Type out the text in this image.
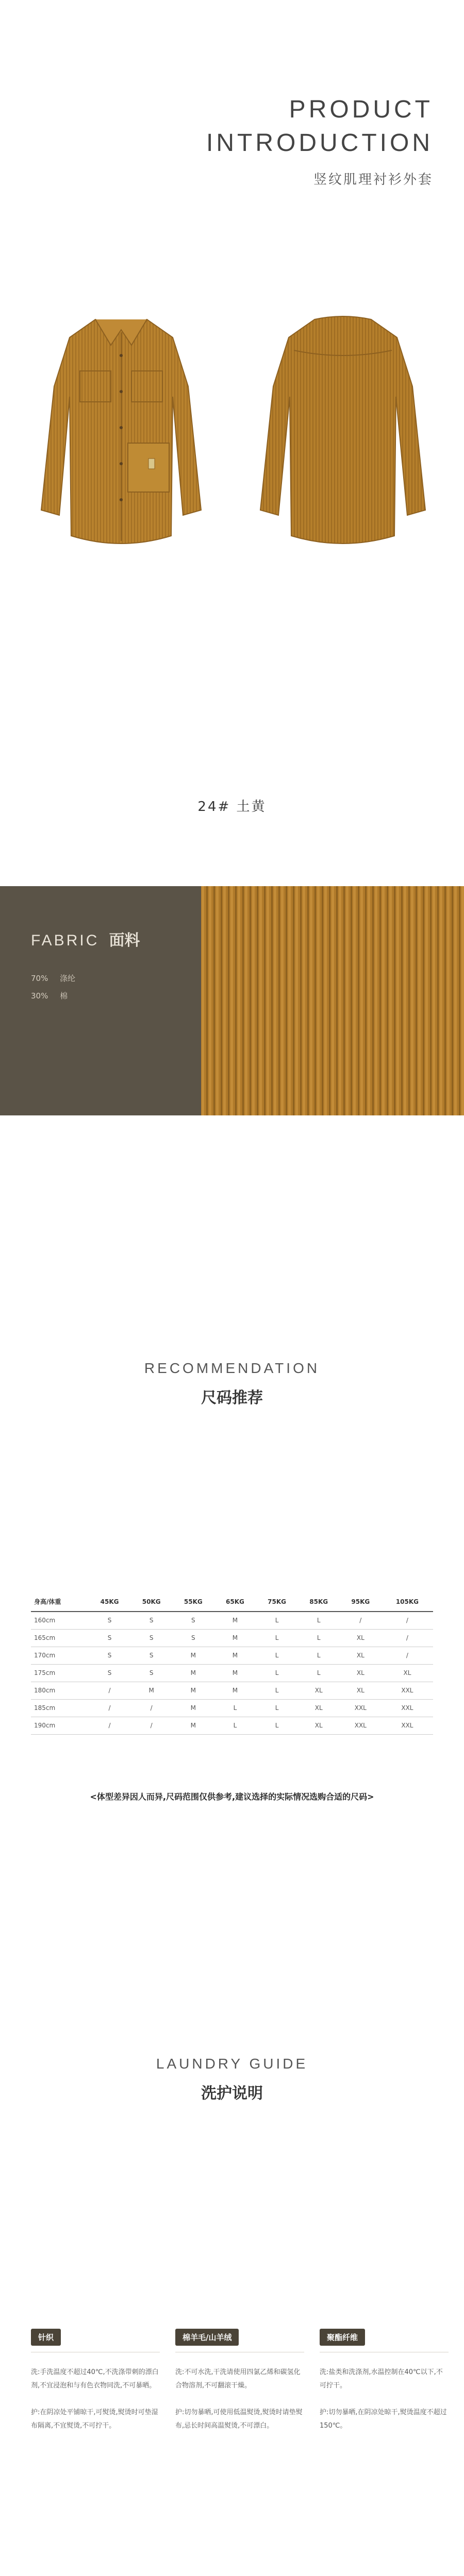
PRODUCT
INTRODUCTION
竖纹肌理衬衫外套
24# 土黄
FABRIC 面料
70% 涤纶
30% 棉
RECOMMENDATION
尺码推荐
身高/体重	45KG	50KG	55KG	65KG	75KG	85KG	95KG	105KG
160cm	S	S	S	M	L	L	/	/
165cm	S	S	S	M	L	L	XL	/
170cm	S	S	M	M	L	L	XL	/
175cm	S	S	M	M	L	L	XL	XL
180cm	/	M	M	M	L	XL	XL	XXL
185cm	/	/	M	L	L	XL	XXL	XXL
190cm	/	/	M	L	L	XL	XXL	XXL
<体型差异因人而异,尺码范围仅供参考,建议选择的实际情况选购合适的尺码>
LAUNDRY GUIDE
洗护说明
针织

洗:手洗温度不超过40℃,不洗涤带刺的漂白剂,不宜浸泡和与有色衣物同洗,不可暴晒。

护:在阴凉处平铺晾干,可熨烫,熨烫时可垫湿布隔离,不宜熨烫,不可拧干。

棉羊毛/山羊绒

洗:不可水洗,干洗请使用四氯乙烯和碳氢化合物溶剂,不可翻滚干燥。

护:切勿暴晒,可使用低温熨烫,熨烫时请垫熨布,忌长时间高温熨烫,不可漂白。

聚酯纤维

洗:盐类和洗涤剂,水温控制在40℃以下,不可拧干。

护:切勿暴晒,在阴凉处晾干,熨烫温度不超过150℃。
